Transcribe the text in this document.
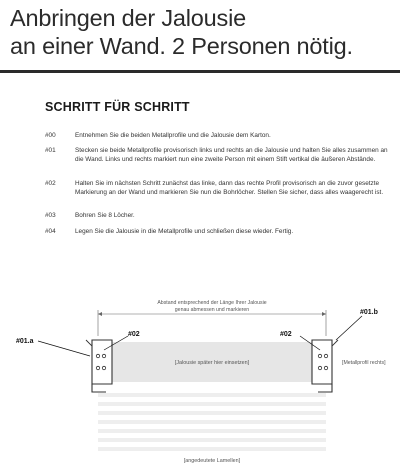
Anbringen der Jalousie
an einer Wand. 2 Personen nötig.
SCHRITT FÜR SCHRITT
#00	Entnehmen Sie die beiden Metallprofile und die Jalousie dem Karton.
#01	Stecken sie beide Metallprofile provisorisch links und rechts an die Jalousie und halten Sie alles zusammen an die Wand. Links und rechts markiert nun eine zweite Person mit einem Stift vertikal die äußeren Abstände.
#02	Halten Sie im nächsten Schritt zunächst das linke, dann das rechte Profil provisorisch an die zuvor gesetzte Markierung an der Wand und markieren Sie nun die Bohrlöcher. Stellen Sie sicher, dass alles waagerecht ist.
#03	Bohren Sie 8 Löcher.
#04	Legen Sie die Jalousie in die Metallprofile und schließen diese wieder. Fertig.
Abstand entsprechend der Länge Ihrer Jalousie
genau abmessen und markieren
[Jalousie später hier einsetzen]
#01.a
#02	#02
#01.b
[Metallprofil rechts]
[angedeutete Lamellen]
